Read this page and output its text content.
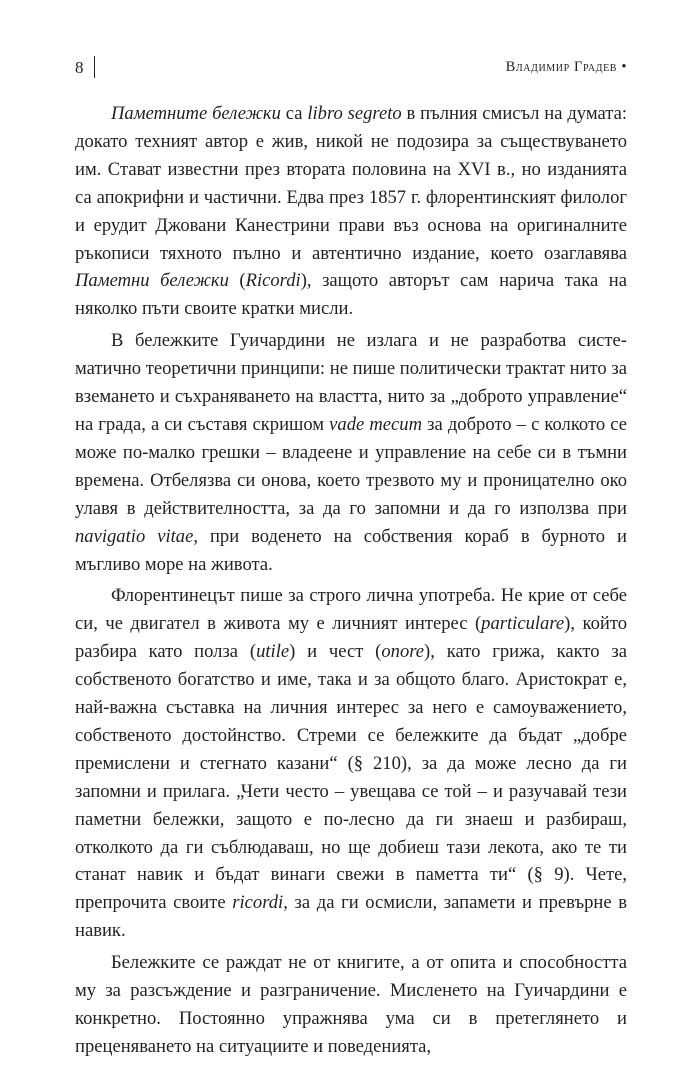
8	Владимир Градев •

Паметните бележки са libro segreto в пълния смисъл на думата: докато техният автор е жив, никой не подозира за съществуването им. Стават известни през втората половина на XVI в., но изданията са апокрифни и частични. Едва през 1857 г. флорентинският филолог и ерудит Джовани Канестрини прави въз основа на оригиналните ръкописи тяхното пълно и автентично издание, което озаглавява Паметни бележки (Ricordi), защото авторът сам нарича така на няколко пъти своите кратки мисли.

В бележките Гуичардини не излага и не разработва систематично теоретични принципи: не пише политически трактат нито за вземането и съхраняването на властта, нито за „доброто управление“ на града, а си съставя скришом vade mecum за доброто – с колкото се може по-малко грешки – владеене и управление на себе си в тъмни времена. Отбелязва си онова, което трезвото му и проницателно око улавя в действителността, за да го запомни и да го използва при navigatio vitae, при воденето на собствения кораб в бурното и мъгливо море на живота.

Флорентинецът пише за строго лична употреба. Не крие от себе си, че двигател в живота му е личният интерес (particulare), който разбира като полза (utile) и чест (onore), като грижа, както за собственото богатство и име, така и за общото благо. Аристократ е, най-важна съставка на личния интерес за него е самоуважението, собственото достойнство. Стреми се бележките да бъдат „добре премислени и стегнато казани“ (§ 210), за да може лесно да ги запомни и прилага. „Чети често – увещава се той – и разучавай тези паметни бележки, защото е по-лесно да ги знаеш и разбираш, отколкото да ги съблюдаваш, но ще добиеш тази лекота, ако те ти станат навик и бъдат винаги свежи в паметта ти“ (§ 9). Чете, препрочита своите ricordi, за да ги осмисли, запамети и превърне в навик.

Бележките се раждат не от книгите, а от опита и способността му за разсъждение и разграничение. Мисленето на Гуичардини е конкретно. Постоянно упражнява ума си в претеглянето и преценяването на ситуациите и поведенията,
